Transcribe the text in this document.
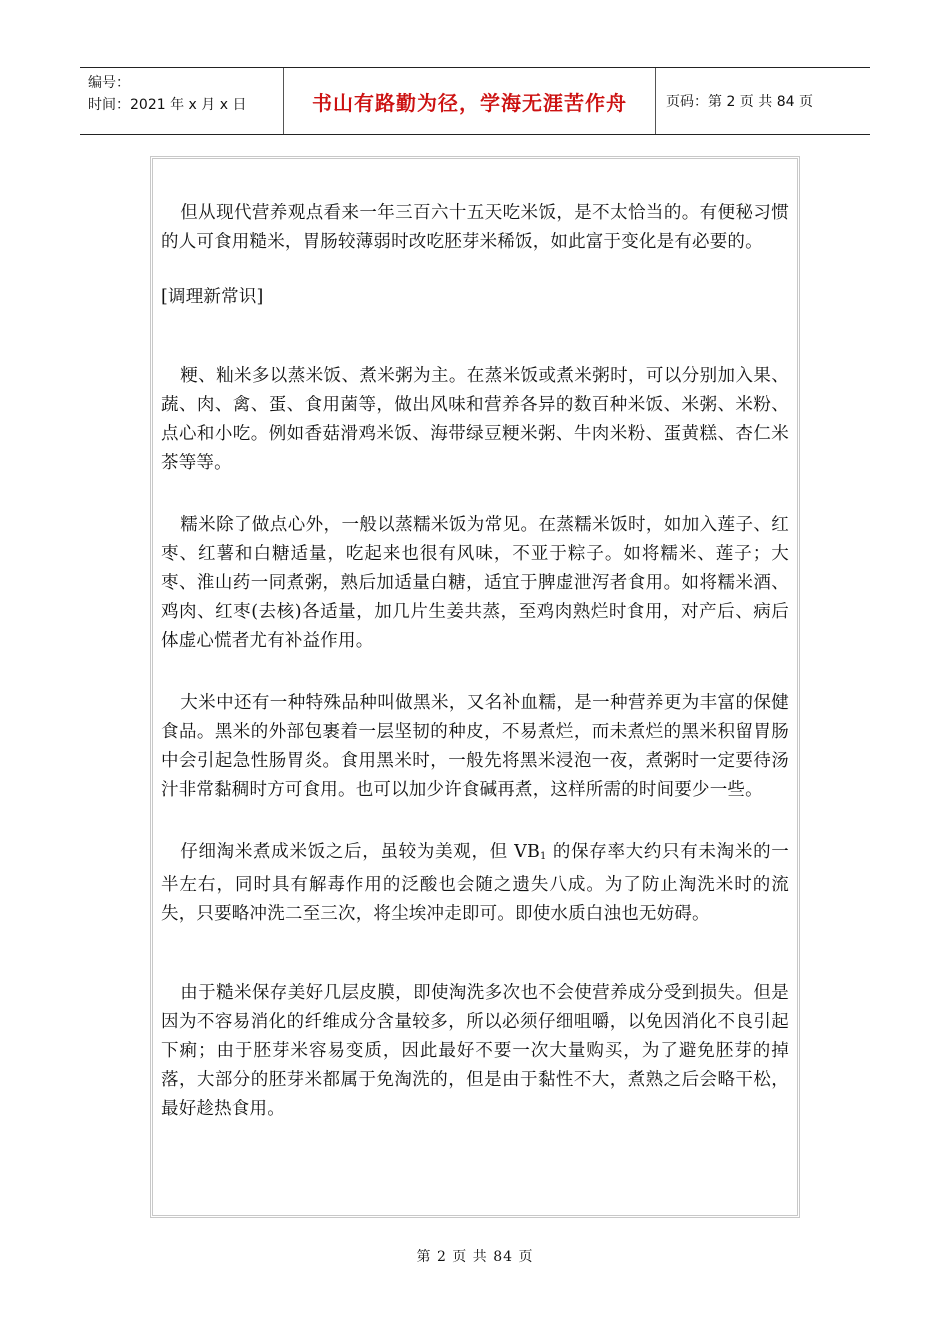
编号：
时间：2021 年 x 月 x 日	书山有路勤为径，学海无涯苦作舟	页码：第 2 页 共 84 页

但从现代营养观点看来一年三百六十五天吃米饭，是不太恰当的。有便秘习惯的人可食用糙米，胃肠较薄弱时改吃胚芽米稀饭，如此富于变化是有必要的。

[调理新常识]

粳、籼米多以蒸米饭、煮米粥为主。在蒸米饭或煮米粥时，可以分别加入果、蔬、肉、禽、蛋、食用菌等，做出风味和营养各异的数百种米饭、米粥、米粉、点心和小吃。例如香菇滑鸡米饭、海带绿豆粳米粥、牛肉米粉、蛋黄糕、杏仁米茶等等。

糯米除了做点心外，一般以蒸糯米饭为常见。在蒸糯米饭时，如加入莲子、红枣、红薯和白糖适量，吃起来也很有风味，不亚于粽子。如将糯米、莲子；大枣、淮山药一同煮粥，熟后加适量白糖，适宜于脾虚泄泻者食用。如将糯米酒、鸡肉、红枣(去核)各适量，加几片生姜共蒸，至鸡肉熟烂时食用，对产后、病后体虚心慌者尤有补益作用。

大米中还有一种特殊品种叫做黑米，又名补血糯，是一种营养更为丰富的保健食品。黑米的外部包裹着一层坚韧的种皮，不易煮烂，而未煮烂的黑米积留胃肠中会引起急性肠胃炎。食用黑米时，一般先将黑米浸泡一夜，煮粥时一定要待汤汁非常黏稠时方可食用。也可以加少许食碱再煮，这样所需的时间要少一些。

仔细淘米煮成米饭之后，虽较为美观，但 $VB_1$ 的保存率大约只有未淘米的一半左右，同时具有解毒作用的泛酸也会随之遗失八成。为了防止淘洗米时的流失，只要略冲洗二至三次，将尘埃冲走即可。即使水质白浊也无妨碍。

由于糙米保存美好几层皮膜，即使淘洗多次也不会使营养成分受到损失。但是因为不容易消化的纤维成分含量较多，所以必须仔细咀嚼，以免因消化不良引起下痢；由于胚芽米容易变质，因此最好不要一次大量购买，为了避免胚芽的掉落，大部分的胚芽米都属于免淘洗的，但是由于黏性不大，煮熟之后会略干松，最好趁热食用。

第 2 页 共 84 页
